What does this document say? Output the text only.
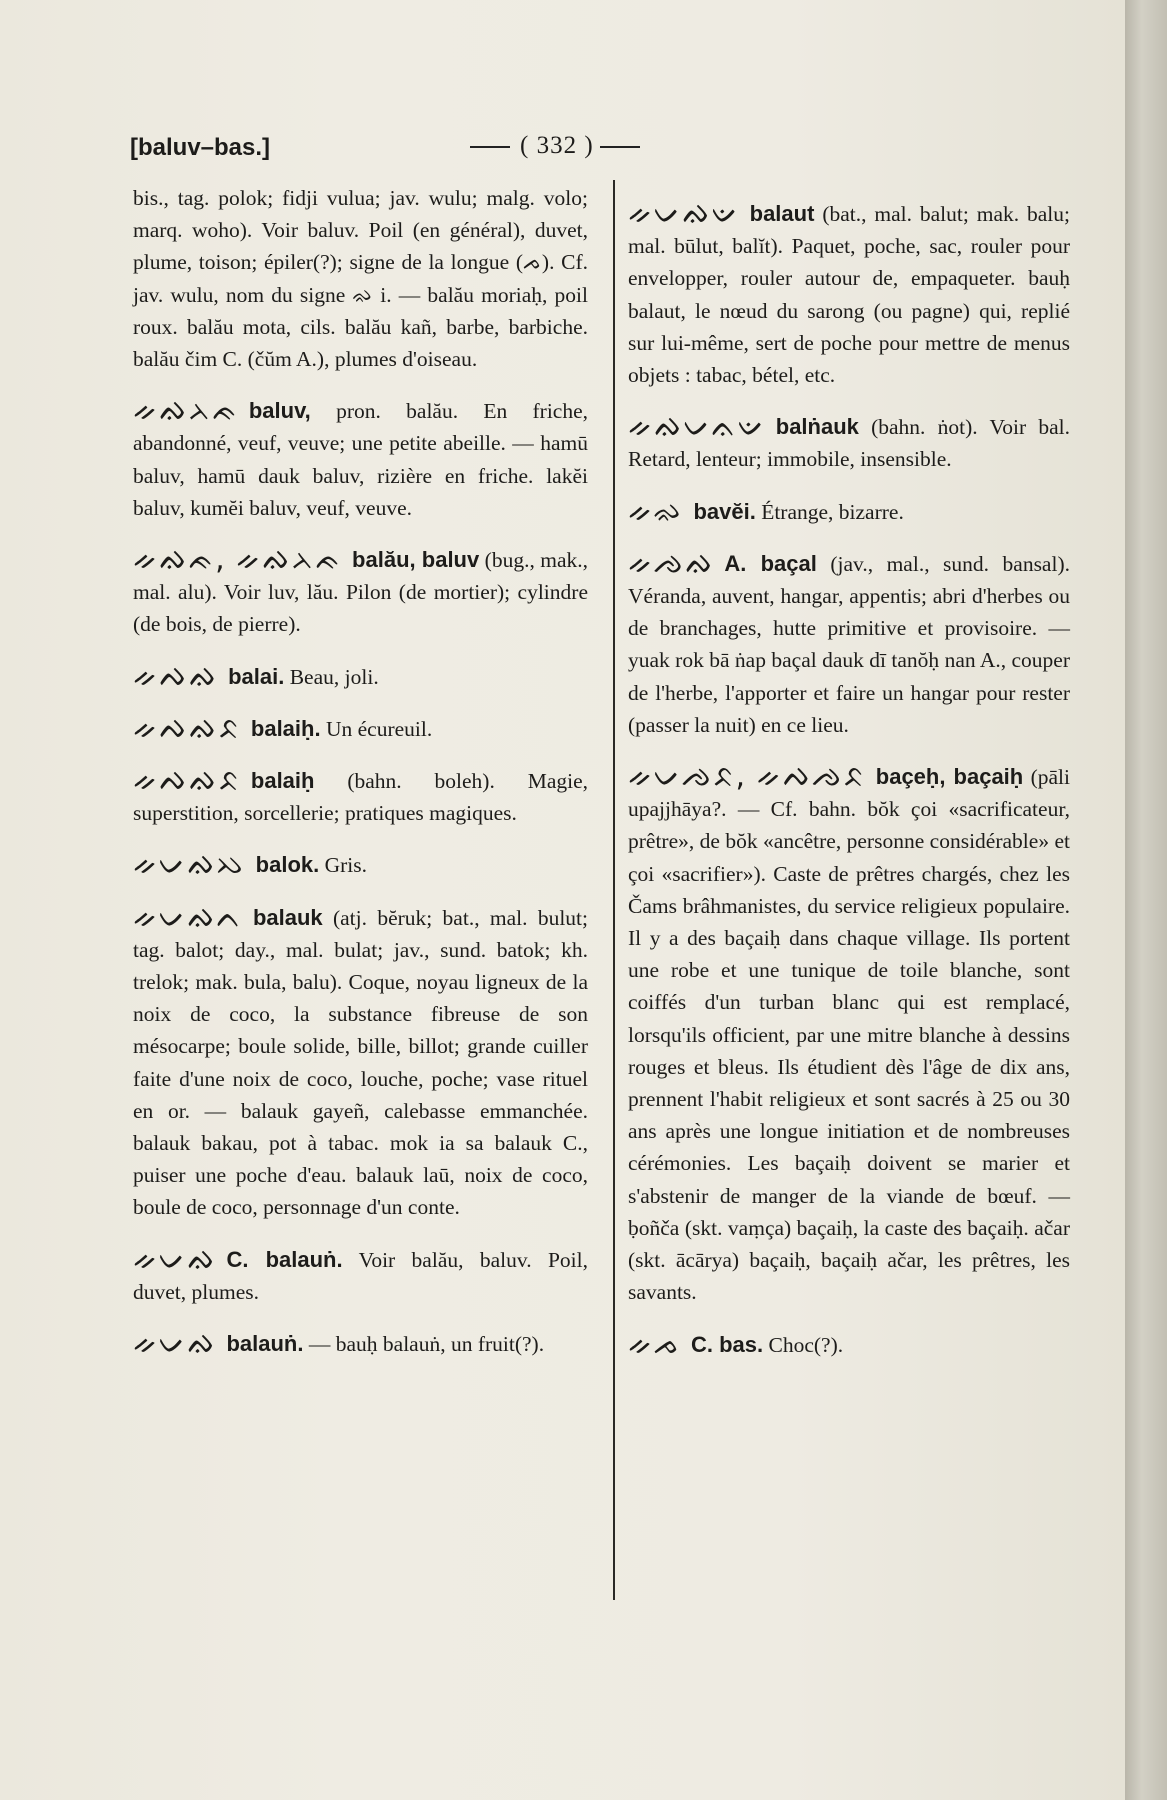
[baluv–bas.]	( 332 )

bis., tag. polok; fidji vulua; jav. wulu; malg. volo; marq. woho). Voir baluv. Poil (en général), duvet, plume, toison; épiler(?); signe de la longue (ᨍ). Cf. jav. wulu, nom du signe ᨋ i. — balău moriaḥ, poil roux. balău mota, cils. balău kañ, barbe, barbiche. balău čim C. (čŭm A.), plumes d'oiseau.

ᨀᨁᨂᨃ baluv, pron. balău. En friche, abandonné, veuf, veuve; une petite abeille. — hamū baluv, hamū dauk baluv, rizière en friche. lakĕi baluv, kumĕi baluv, veuf, veuve.

ᨀᨁᨃ, ᨀᨁᨂᨃ balău, baluv (bug., mak., mal. alu). Voir luv, lău. Pilon (de mortier); cylindre (de bois, de pierre).

ᨀᨄᨁ balai. Beau, joli.

ᨀᨄᨁᨅ balaiḥ. Un écureuil.

ᨀᨄᨁᨅ balaiḥ (bahn. boleh). Magie, superstition, sorcellerie; pratiques magiques.

ᨀᨆᨁᨇ balok. Gris.

ᨀᨆᨁᨈ balauk (atj. bĕruk; bat., mal. bulut; tag. balot; day., mal. bulat; jav., sund. batok; kh. trelok; mak. bula, balu). Coque, noyau ligneux de la noix de coco, la substance fibreuse de son mésocarpe; boule solide, bille, billot; grande cuiller faite d'une noix de coco, louche, poche; vase rituel en or. — balauk gayeñ, calebasse emmanchée. balauk bakau, pot à tabac. mok ia sa balauk C., puiser une poche d'eau. balauk laū, noix de coco, boule de coco, personnage d'un conte.

ᨀᨆᨁ C. balauṅ. Voir balău, baluv. Poil, duvet, plumes.

ᨀᨆᨁ balauṅ. — bauḥ balauṅ, un fruit(?).

ᨀᨆᨁᨉ balaut (bat., mal. balut; mak. balu; mal. būlut, balĭt). Paquet, poche, sac, rouler pour envelopper, rouler autour de, empaqueter. bauḥ balaut, le nœud du sarong (ou pagne) qui, replié sur lui-même, sert de poche pour mettre de menus objets : tabac, bétel, etc.

ᨀᨁᨆᨊᨉ balṅauk (bahn. ṅot). Voir bal. Retard, lenteur; immobile, insensible.

ᨀᨋ bavĕi. Étrange, bizarre.

ᨀᨌᨁ A. baçal (jav., mal., sund. bansal). Véranda, auvent, hangar, appentis; abri d'herbes ou de branchages, hutte primitive et provisoire. — yuak rok bā ṅap baçal dauk dī tanŏḥ nan A., couper de l'herbe, l'apporter et faire un hangar pour rester (passer la nuit) en ce lieu.

ᨀᨆᨌᨅ, ᨀᨄᨌᨅ baçeḥ, baçaiḥ (pāli upajjhāya?. — Cf. bahn. bŏk çoi «sacrificateur, prêtre», de bŏk «ancêtre, personne considérable» et çoi «sacrifier»). Caste de prêtres chargés, chez les Čams brâhmanistes, du service religieux populaire. Il y a des baçaiḥ dans chaque village. Ils portent une robe et une tunique de toile blanche, sont coiffés d'un turban blanc qui est remplacé, lorsqu'ils officient, par une mitre blanche à dessins rouges et bleus. Ils étudient dès l'âge de dix ans, prennent l'habit religieux et sont sacrés à 25 ou 30 ans après une longue initiation et de nombreuses cérémonies. Les baçaiḥ doivent se marier et s'abstenir de manger de la viande de bœuf. — ḅoñča (skt. vaṃça) baçaiḥ, la caste des baçaiḥ. ačar (skt. ācārya) baçaiḥ, baçaiḥ ačar, les prêtres, les savants.

ᨀᨍ C. bas. Choc(?).
